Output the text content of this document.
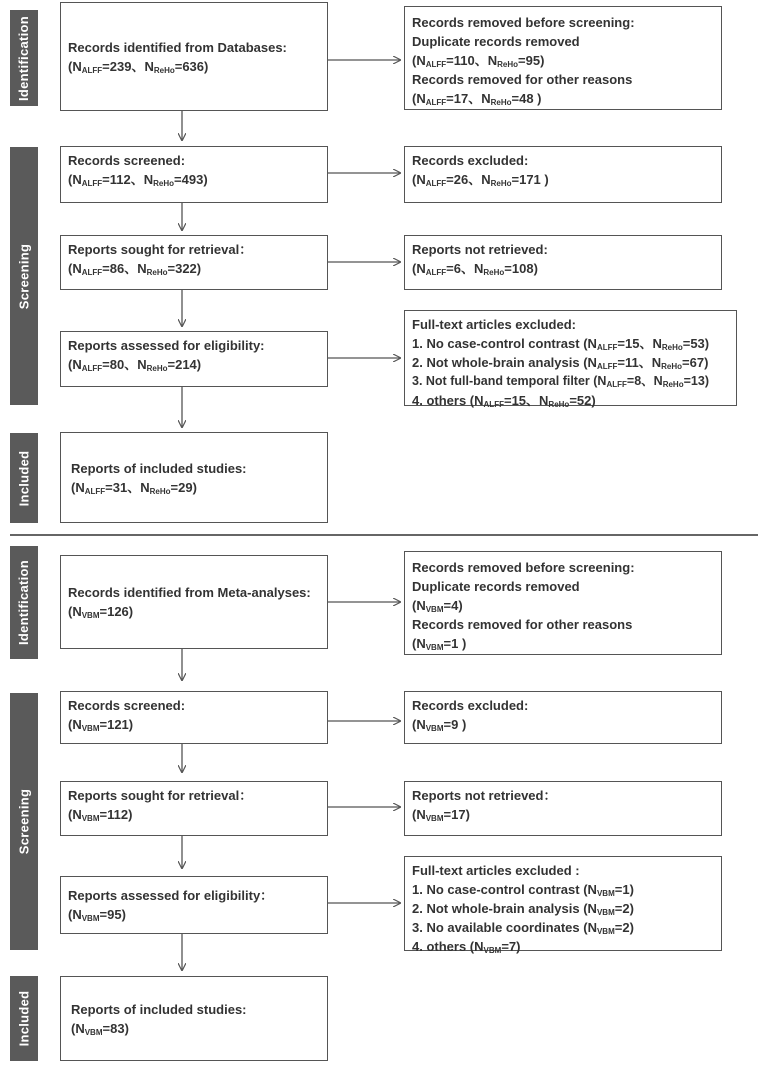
Identification
Screening
Included
Records identified from Databases:
($N_{ALFF}=239$、$N_{ReHo}=636$)
Records removed before screening:
Duplicate records removed
($N_{ALFF}=110$、$N_{ReHo}=95$)
Records removed for other reasons
($N_{ALFF}=17$、$N_{ReHo}=48$ )
Records screened:
($N_{ALFF}=112$、$N_{ReHo}=493$)
Records excluded:
($N_{ALFF}=26$、$N_{ReHo}=171$ )
Reports sought for retrieval：
($N_{ALFF}=86$、$N_{ReHo}=322$)
Reports not retrieved:
($N_{ALFF}=6$、$N_{ReHo}=108$)
Reports assessed for eligibility:
($N_{ALFF}=80$、$N_{ReHo}=214$)
Full-text articles excluded:
1. No case-control contrast ($N_{ALFF}=15$、$N_{ReHo}=53$)
2. Not whole-brain analysis ($N_{ALFF}=11$、$N_{ReHo}=67$)
3. Not full-band temporal filter ($N_{ALFF}=8$、$N_{ReHo}=13$)
4. others ($N_{ALFF}=15$、$N_{ReHo}=52$)
Reports of included studies:
($N_{ALFF}=31$、$N_{ReHo}=29$)
Identification
Screening
Included
Records identified from Meta-analyses:
$(N_{VBM}=126)$
Records removed before screening:
Duplicate records removed
$(N_{VBM}=4)$
Records removed for other reasons
($N_{VBM}=1$ )
Records screened:
$(N_{VBM}=121)$
Records excluded:
($N_{VBM}=9$ )
Reports sought for retrieval：
$(N_{VBM}=112)$
Reports not retrieved：
$(N_{VBM}=17)$
Reports assessed for eligibility：
$(N_{VBM}=95)$
Full-text articles excluded :
1. No case-control contrast $(N_{VBM}=1)$
2. Not whole-brain analysis $(N_{VBM}=2)$
3. No available coordinates $(N_{VBM}=2)$
4. others $(N_{VBM}=7)$
Reports of included studies:
$(N_{VBM}=83)$
